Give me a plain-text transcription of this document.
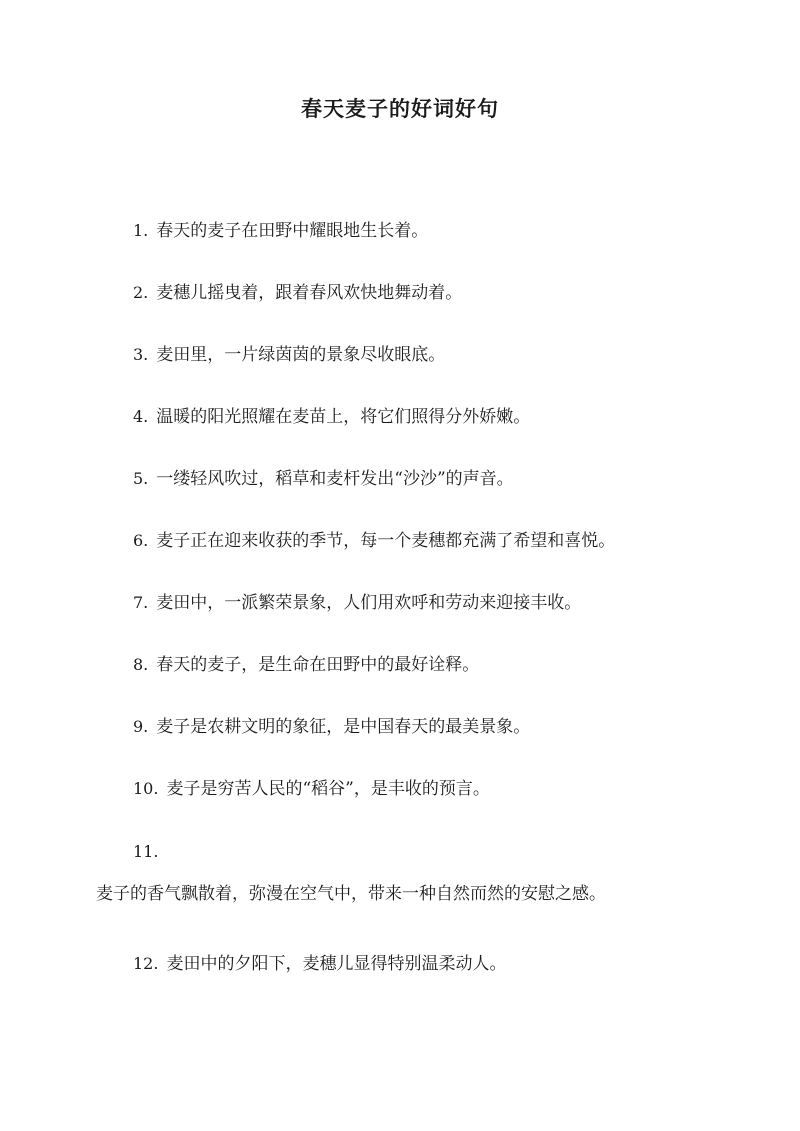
春天麦子的好词好句
1. 春天的麦子在田野中耀眼地生长着。
2. 麦穗儿摇曳着，跟着春风欢快地舞动着。
3. 麦田里，一片绿茵茵的景象尽收眼底。
4. 温暖的阳光照耀在麦苗上，将它们照得分外娇嫩。
5. 一缕轻风吹过，稻草和麦杆发出“沙沙”的声音。
6. 麦子正在迎来收获的季节，每一个麦穗都充满了希望和喜悦。
7. 麦田中，一派繁荣景象，人们用欢呼和劳动来迎接丰收。
8. 春天的麦子，是生命在田野中的最好诠释。
9. 麦子是农耕文明的象征，是中国春天的最美景象。
10. 麦子是穷苦人民的“稻谷”，是丰收的预言。
11.
麦子的香气飘散着，弥漫在空气中，带来一种自然而然的安慰之感。
12. 麦田中的夕阳下，麦穗儿显得特别温柔动人。
